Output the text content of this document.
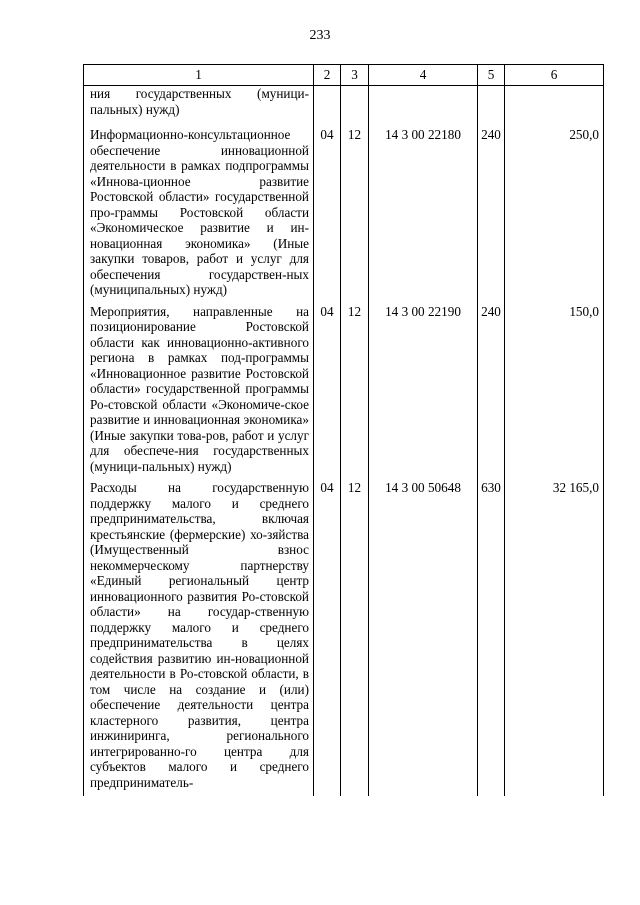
233
1	2	3	4	5	6
ния государственных (муници-пальных) нужд)					
Информационно-консультационное обеспечение инновационной деятельности в рамках подпрограммы «Иннова-ционное развитие Ростовской области» государственной про-граммы Ростовской области «Экономическое развитие и ин-новационная экономика» (Иные закупки товаров, работ и услуг для обеспечения государствен-ных (муниципальных) нужд)	04	12	14 3 00 22180	240	250,0
Мероприятия, направленные на позиционирование Ростовской области как инновационно-активного региона в рамках под-программы «Инновационное развитие Ростовской области» государственной программы Ро-стовской области «Экономиче-ское развитие и инновационная экономика» (Иные закупки това-ров, работ и услуг для обеспече-ния государственных (муници-пальных) нужд)	04	12	14 3 00 22190	240	150,0
Расходы на государственную поддержку малого и среднего предпринимательства, включая крестьянские (фермерские) хо-зяйства (Имущественный взнос некоммерческому партнерству «Единый региональный центр инновационного развития Ро-стовской области» на государ-ственную поддержку малого и среднего предпринимательства в целях содействия развитию ин-новационной деятельности в Ро-стовской области, в том числе на создание и (или) обеспечение деятельности центра кластерного развития, центра инжиниринга, регионального интегрированно-го центра для субъектов малого и среднего предприниматель-	04	12	14 3 00 50648	630	32 165,0
